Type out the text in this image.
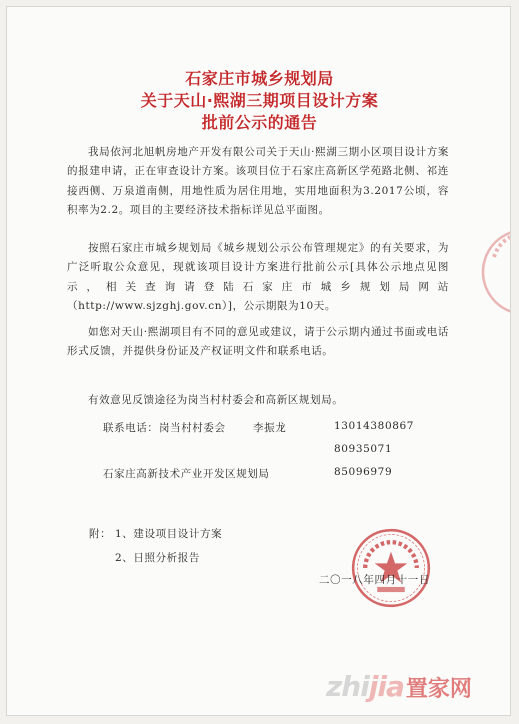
石家庄市城乡规划局
关于天山·熙湖三期项目设计方案
批前公示的通告
我局依河北旭帆房地产开发有限公司关于天山·熙湖三期小区项目设计方案的报建申请，正在审查设计方案。该项目位于石家庄高新区学苑路北侧、祁连接西侧、万泉道南侧，用地性质为居住用地，实用地面积为3.2017公顷，容积率为2.2。项目的主要经济技术指标详见总平面图。
按照石家庄市城乡规划局《城乡规划公示公布管理规定》的有关要求，为广泛听取公众意见，现就该项目设计方案进行批前公示[具体公示地点见图示，相关查询请登陆石家庄市城乡规划局网站（http://www.sjzghj.gov.cn）]，公示期限为10天。
如您对天山·熙湖项目有不同的意见或建议，请于公示期内通过书面或电话形式反馈，并提供身份证及产权证明文件和联系电话。
有效意见反馈途径为岗当村村委会和高新区规划局。
联系电话： 岗当村村委会	李振龙	13014380867
80935071
石家庄高新技术产业开发区规划局	85096979
附： 1、建设项目设计方案
2、日照分析报告
二〇一八年四月十一日
zhijia置家网
